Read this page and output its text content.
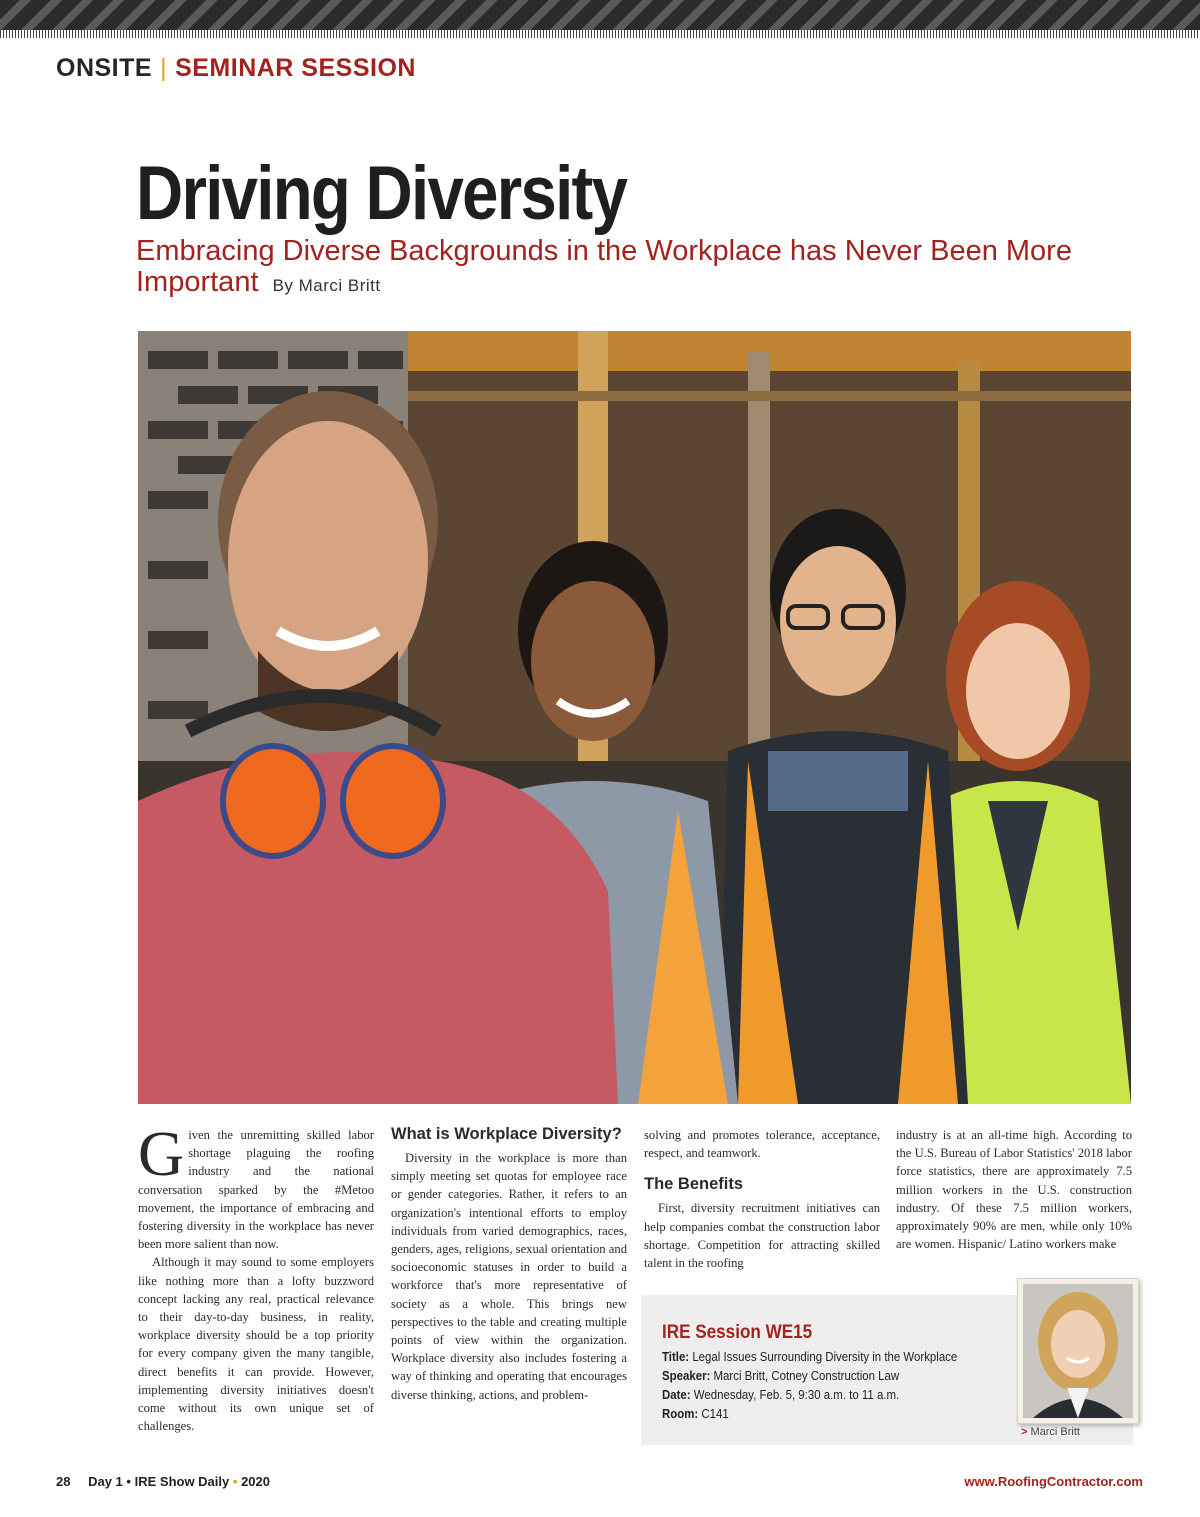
ONSITE | SEMINAR SESSION
Driving Diversity
Embracing Diverse Backgrounds in the Workplace has Never Been More Important By Marci Britt

Given the unremitting skilled labor shortage plaguing the roofing industry and the national conversation sparked by the #Metoo movement, the importance of embracing and fostering diversity in the workplace has never been more salient than now.

Although it may sound to some employers like nothing more than a lofty buzzword concept lacking any real, practical relevance to their day-to-day business, in reality, workplace diversity should be a top priority for every company given the many tangible, direct benefits it can provide. However, implementing diversity initiatives doesn't come without its own unique set of challenges.

What is Workplace Diversity?

Diversity in the workplace is more than simply meeting set quotas for employee race or gender categories. Rather, it refers to an organization's intentional efforts to employ individuals from varied demographics, races, genders, ages, religions, sexual orientation and socioeconomic statuses in order to build a workforce that's more representative of society as a whole. This brings new perspectives to the table and creating multiple points of view within the organization. Workplace diversity also includes fostering a way of thinking and operating that encourages diverse thinking, actions, and problem-

solving and promotes tolerance, acceptance, respect, and teamwork.

The Benefits

First, diversity recruitment initiatives can help companies combat the construction labor shortage. Competition for attracting skilled talent in the roofing

industry is at an all-time high. According to the U.S. Bureau of Labor Statistics' 2018 labor force statistics, there are approximately 7.5 million workers in the U.S. construction industry. Of these 7.5 million workers, approximately 90% are men, while only 10% are women. Hispanic/ Latino workers make

IRE Session WE15
Title: Legal Issues Surrounding Diversity in the Workplace
Speaker: Marci Britt, Cotney Construction Law
Date: Wednesday, Feb. 5, 9:30 a.m. to 11 a.m.
Room: C141
> Marci Britt
28 Day 1 • IRE Show Daily • 2020	www.RoofingContractor.com
